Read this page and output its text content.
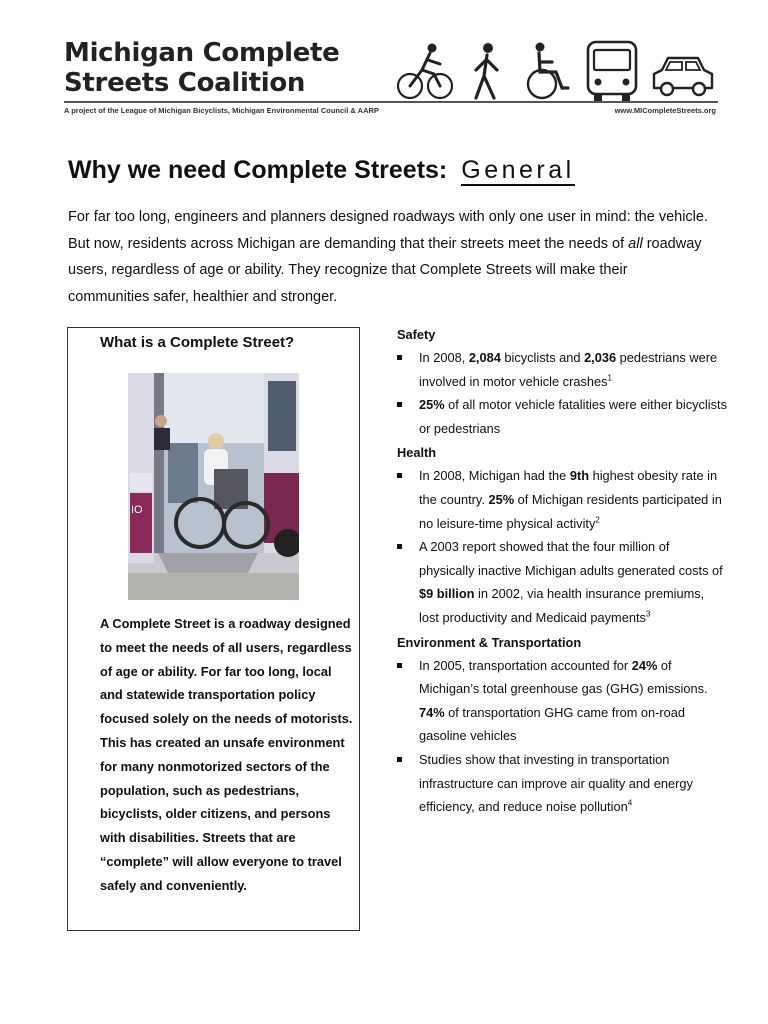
Michigan Complete
Streets Coalition
A project of the League of Michigan Bicyclists, Michigan Environmental Council & AARP	www.MICompleteStreets.org
Why we need Complete Streets: General
For far too long, engineers and planners designed roadways with only one user in mind: the vehicle. But now, residents across Michigan are demanding that their streets meet the needs of all roadway users, regardless of age or ability. They recognize that Complete Streets will make their communities safer, healthier and stronger.
What is a Complete Street?
IO
A Complete Street is a roadway designed to meet the needs of all users, regardless of age or ability. For far too long, local and statewide transportation policy focused solely on the needs of motorists. This has created an unsafe environment for many nonmotorized sectors of the population, such as pedestrians, bicyclists, older citizens, and persons with disabilities. Streets that are “complete” will allow everyone to travel safely and conveniently.

Safety

In 2008, 2,084 bicyclists and 2,036 pedestrians were involved in motor vehicle crashes$^1$
25% of all motor vehicle fatalities were either bicyclists or pedestrians

Health

In 2008, Michigan had the 9th highest obesity rate in the country. 25% of Michigan residents participated in no leisure-time physical activity$^2$
A 2003 report showed that the four million of physically inactive Michigan adults generated costs of $9 billion in 2002, via health insurance premiums, lost productivity and Medicaid payments$^3$

Environment & Transportation

In 2005, transportation accounted for 24% of Michigan’s total greenhouse gas (GHG) emissions. 74% of transportation GHG came from on-road gasoline vehicles
Studies show that investing in transportation infrastructure can improve air quality and energy efficiency, and reduce noise pollution$^4$
